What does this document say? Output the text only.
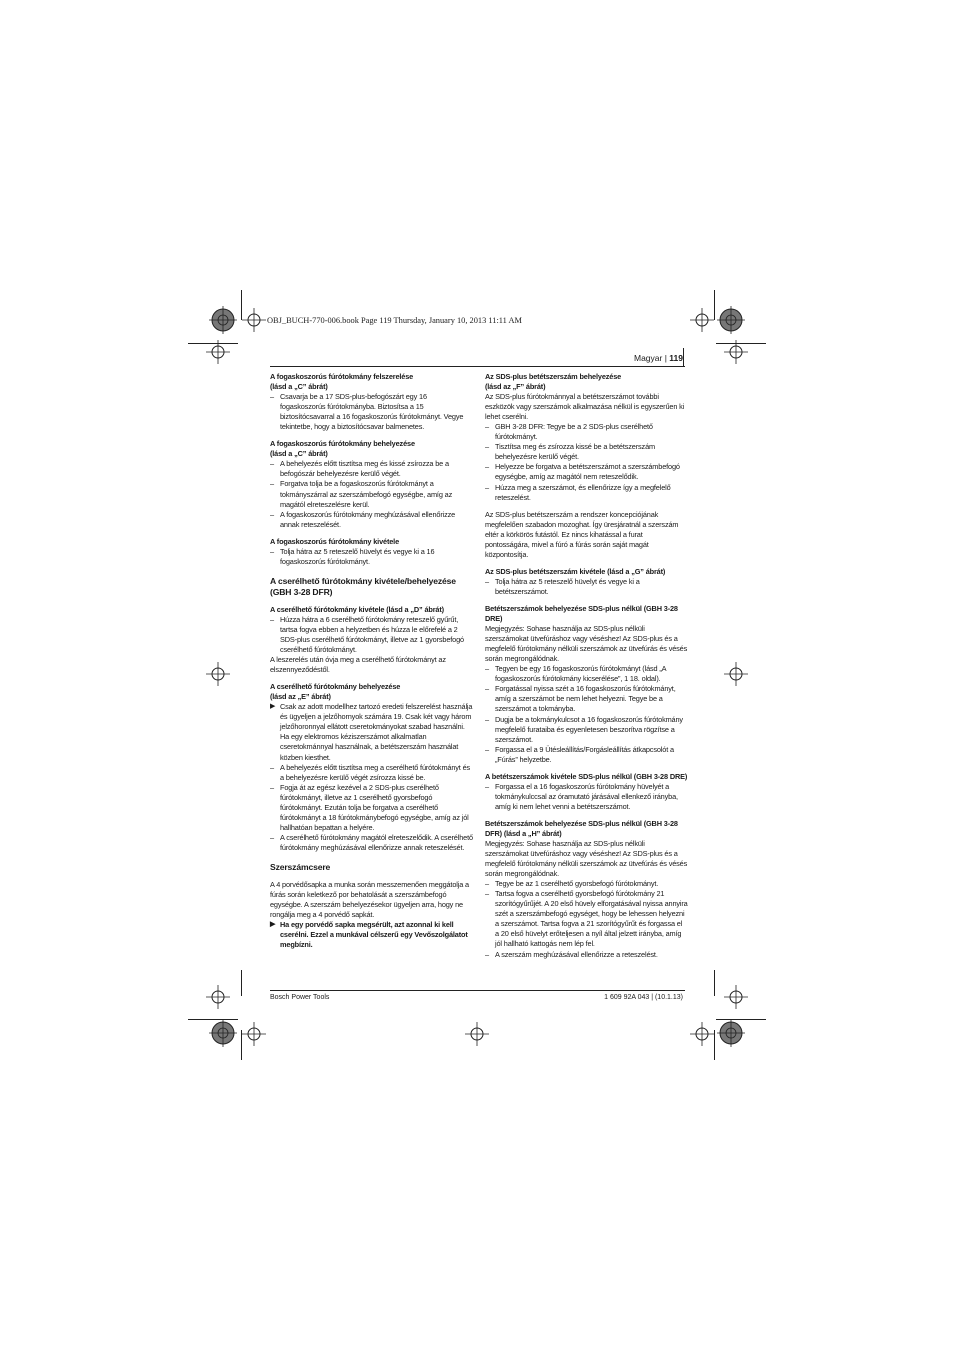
OBJ_BUCH-770-006.book Page 119 Thursday, January 10, 2013 11:11 AM
Magyar | 119
A fogaskoszorús fúrótokmány felszerelése
(lásd a „C” ábrát)
– Csavarja be a 17 SDS-plus-befogószárt egy 16 fogaskoszorús fúrótokmányba. Biztosítsa a 15 biztosítócsavarral a 16 fogaskoszorús fúrótokmányt. Vegye tekintetbe, hogy a biztosítócsavar balmenetes.
A fogaskoszorús fúrótokmány behelyezése
(lásd a „C” ábrát)
– A behelyezés előtt tisztítsa meg és kissé zsírozza be a befogószár behelyezésre kerülő végét.
– Forgatva tolja be a fogaskoszorús fúrótokmányt a tokmányszárral az szerszámbefogó egységbe, amíg az magától elreteszelésre kerül.
– A fogaskoszorús fúrótokmány meghúzásával ellenőrizze annak reteszelését.
A fogaskoszorús fúrótokmány kivétele
– Tolja hátra az 5 reteszelő hüvelyt és vegye ki a 16 fogaskoszorús fúrótokmányt.
A cserélhető fúrótokmány kivétele/behelyezése (GBH 3-28 DFR)
A cserélhető fúrótokmány kivétele (lásd a „D” ábrát)
– Húzza hátra a 6 cserélhető fúrótokmány reteszelő gyűrűt, tartsa fogva ebben a helyzetben és húzza le előrefelé a 2 SDS-plus cserélhető fúrótokmányt, illetve az 1 gyorsbefogó cserélhető fúrótokmányt.
A leszerelés után óvja meg a cserélhető fúrótokmányt az elszennyeződéstől.
A cserélhető fúrótokmány behelyezése
(lásd az „E” ábrát)
▶ Csak az adott modellhez tartozó eredeti felszerelést használja és ügyeljen a jelzőhornyok számára 19. Csak két vagy három jelzőhoronnyal ellátott cseretokmányokat szabad használni. Ha egy elektromos kéziszerszámot alkalmatlan cseretokmánnyal használnak, a betétszerszám használat közben kiesthet.
– A behelyezés előtt tisztítsa meg a cserélhető fúrótokmányt és a behelyezésre kerülő végét zsírozza kissé be.
– Fogja át az egész kezével a 2 SDS-plus cserélhető fúrótokmányt, illetve az 1 cserélhető gyorsbefogó fúrótokmányt. Ezután tolja be forgatva a cserélhető fúrótokmányt a 18 fúrótokmánybefogó egységbe, amíg az jól hallhatóan bepattan a helyére.
– A cserélhető fúrótokmány magától elreteszelődik. A cserélhető fúrótokmány meghúzásával ellenőrizze annak reteszelését.
Szerszámcsere
A 4 porvédősapka a munka során messzemenően meggátolja a fúrás során keletkező por behatolását a szerszámbefogó egységbe. A szerszám behelyezésekor ügyeljen arra, hogy ne rongálja meg a 4 porvédő sapkát.
▶ Ha egy porvédő sapka megsérült, azt azonnal ki kell cserélni. Ezzel a munkával célszerű egy Vevőszolgálatot megbízni.
Az SDS-plus betétszerszám behelyezése
(lásd az „F” ábrát)
Az SDS-plus fúrótokmánnyal a betétszerszámot további eszközök vagy szerszámok alkalmazása nélkül is egyszerűen ki lehet cserélni.
– GBH 3-28 DFR: Tegye be a 2 SDS-plus cserélhető fúrótokmányt.
– Tisztítsa meg és zsírozza kissé be a betétszerszám behelyezésre kerülő végét.
– Helyezze be forgatva a betétszerszámot a szerszámbefogó egységbe, amíg az magától nem reteszelődik.
– Húzza meg a szerszámot, és ellenőrizze így a megfelelő reteszelést.
Az SDS-plus betétszerszám a rendszer koncepciójának megfelelően szabadon mozoghat. Így üresjáratnál a szerszám eltér a körkörös futástól. Ez nincs kihatással a furat pontosságára, mivel a fúró a fúrás során saját magát központosítja.
Az SDS-plus betétszerszám kivétele (lásd a „G” ábrát)
– Tolja hátra az 5 reteszelő hüvelyt és vegye ki a betétszerszámot.
Betétszerszámok behelyezése SDS-plus nélkül (GBH 3-28 DRE)
Megjegyzés: Sohase használja az SDS-plus nélküli szerszámokat ütvefúráshoz vagy véséshez! Az SDS-plus és a megfelelő fúrótokmány nélküli szerszámok az ütvefúrás és vésés során megrongálódnak.
– Tegyen be egy 16 fogaskoszorús fúrótokmányt (lásd „A fogaskoszorús fúrótokmány kicserélése”, 1 18. oldal).
– Forgatással nyissa szét a 16 fogaskoszorús fúrótokmányt, amíg a szerszámot be nem lehet helyezni. Tegye be a szerszámot a tokmányba.
– Dugja be a tokmánykulcsot a 16 fogaskoszorús fúrótokmány megfelelő furataiba és egyenletesen beszorítva rögzítse a szerszámot.
– Forgassa el a 9 Ütésleállítás/Forgásleállítás átkapcsolót a „Fúrás” helyzetbe.
A betétszerszámok kivétele SDS-plus nélkül (GBH 3-28 DRE)
– Forgassa el a 16 fogaskoszorús fúrótokmány hüvelyét a tokmánykulccsal az óramutató járásával ellenkező irányba, amíg ki nem lehet venni a betétszerszámot.
Betétszerszámok behelyezése SDS-plus nélkül (GBH 3-28 DFR) (lásd a „H” ábrát)
Megjegyzés: Sohase használja az SDS-plus nélküli szerszámokat ütvefúráshoz vagy véséshez! Az SDS-plus és a megfelelő fúrótokmány nélküli szerszámok az ütvefúrás és vésés során megrongálódnak.
– Tegye be az 1 cserélhető gyorsbefogó fúrótokmányt.
– Tartsa fogva a cserélhető gyorsbefogó fúrótokmány 21 szorítógyűrűjét. A 20 első hüvely elforgatásával nyissa annyira szét a szerszámbefogó egységet, hogy be lehessen helyezni a szerszámot. Tartsa fogva a 21 szorítógyűrűt és forgassa el a 20 első hüvelyt erőteljesen a nyíl által jelzett irányba, amíg jól hallható kattogás nem lép fel.
– A szerszám meghúzásával ellenőrizze a reteszelést.
Bosch Power Tools	1 609 92A 043 | (10.1.13)
